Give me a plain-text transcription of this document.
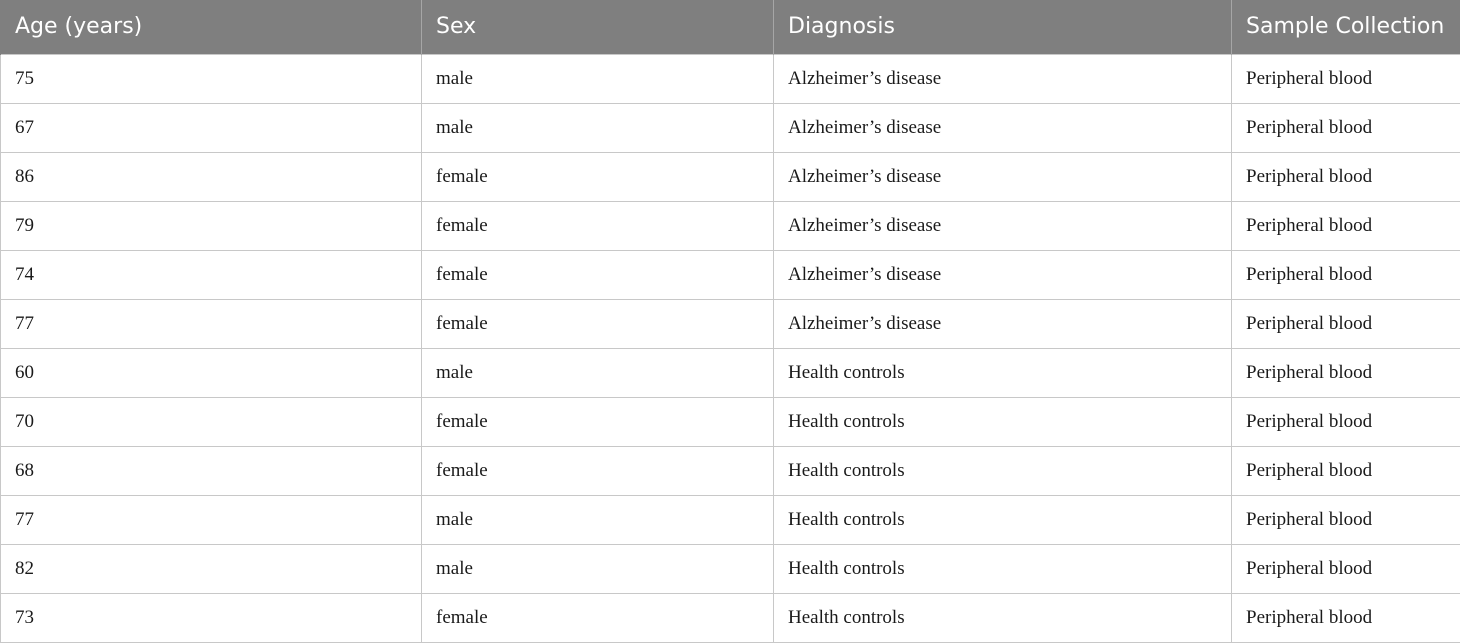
Age (years)	Sex	Diagnosis	Sample Collection
75	male	Alzheimer’s disease	Peripheral blood
67	male	Alzheimer’s disease	Peripheral blood
86	female	Alzheimer’s disease	Peripheral blood
79	female	Alzheimer’s disease	Peripheral blood
74	female	Alzheimer’s disease	Peripheral blood
77	female	Alzheimer’s disease	Peripheral blood
60	male	Health controls	Peripheral blood
70	female	Health controls	Peripheral blood
68	female	Health controls	Peripheral blood
77	male	Health controls	Peripheral blood
82	male	Health controls	Peripheral blood
73	female	Health controls	Peripheral blood
